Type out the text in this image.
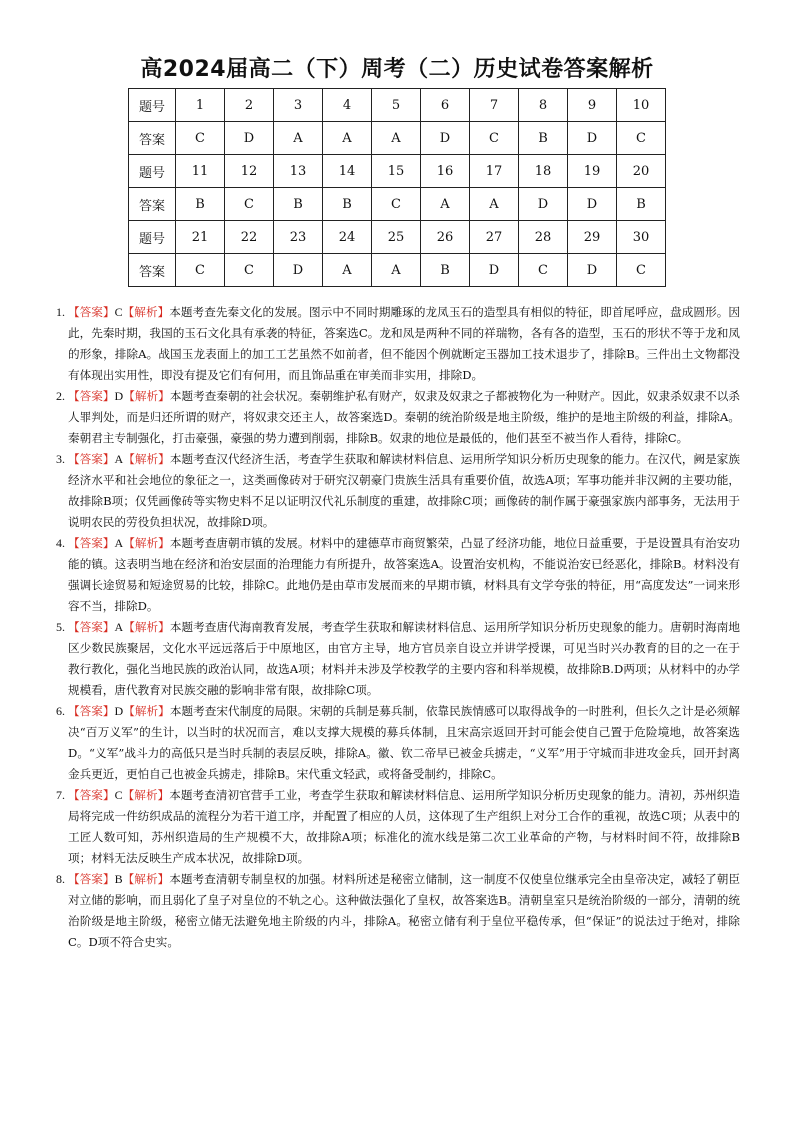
高2024届高二（下）周考（二）历史试卷答案解析
题号	1	2	3	4	5	6	7	8	9	10
答案	C	D	A	A	A	D	C	B	D	C
题号	11	12	13	14	15	16	17	18	19	20
答案	B	C	B	B	C	A	A	D	D	B
题号	21	22	23	24	25	26	27	28	29	30
答案	C	C	D	A	A	B	D	C	D	C

1. 【答案】C【解析】本题考查先秦文化的发展。图示中不同时期雕琢的龙凤玉石的造型具有相似的特征，即首尾呼应，盘成圆形。因此，先秦时期，我国的玉石文化具有承袭的特征，答案选C。龙和凤是两种不同的祥瑞物，各有各的造型，玉石的形状不等于龙和凤的形象，排除A。战国玉龙表面上的加工工艺虽然不如前者，但不能因个例就断定玉器加工技术退步了，排除B。三件出土文物都没有体现出实用性，即没有提及它们有何用，而且饰品重在审美而非实用，排除D。

2. 【答案】D【解析】本题考查秦朝的社会状况。秦朝维护私有财产，奴隶及奴隶之子都被物化为一种财产。因此，奴隶杀奴隶不以杀人罪判处，而是归还所谓的财产，将奴隶交还主人，故答案选D。秦朝的统治阶级是地主阶级，维护的是地主阶级的利益，排除A。秦朝君主专制强化，打击豪强，豪强的势力遭到削弱，排除B。奴隶的地位是最低的，他们甚至不被当作人看待，排除C。

3. 【答案】A【解析】本题考查汉代经济生活，考查学生获取和解读材料信息、运用所学知识分析历史现象的能力。在汉代，阙是家族经济水平和社会地位的象征之一，这类画像砖对于研究汉朝豪门贵族生活具有重要价值，故选A项；军事功能并非汉阙的主要功能，故排除B项；仅凭画像砖等实物史料不足以证明汉代礼乐制度的重建，故排除C项；画像砖的制作属于豪强家族内部事务，无法用于说明农民的劳役负担状况，故排除D项。

4. 【答案】A【解析】本题考查唐朝市镇的发展。材料中的建德草市商贸繁荣，凸显了经济功能，地位日益重要，于是设置具有治安功能的镇。这表明当地在经济和治安层面的治理能力有所提升，故答案选A。设置治安机构，不能说治安已经恶化，排除B。材料没有强调长途贸易和短途贸易的比较，排除C。此地仍是由草市发展而来的早期市镇，材料具有文学夸张的特征，用“高度发达”一词来形容不当，排除D。

5. 【答案】A【解析】本题考查唐代海南教育发展，考查学生获取和解读材料信息、运用所学知识分析历史现象的能力。唐朝时海南地区少数民族聚居，文化水平远远落后于中原地区，由官方主导，地方官员亲自设立并讲学授课，可见当时兴办教育的目的之一在于教行教化，强化当地民族的政治认同，故选A项；材料并未涉及学校教学的主要内容和科举规模，故排除B.D两项；从材料中的办学规模看，唐代教育对民族交融的影响非常有限，故排除C项。

6. 【答案】D【解析】本题考查宋代制度的局限。宋朝的兵制是募兵制，依靠民族情感可以取得战争的一时胜利，但长久之计是必须解决“百万义军”的生计，以当时的状况而言，难以支撑大规模的募兵体制，且宋高宗返回开封可能会使自己置于危险境地，故答案选D。“义军”战斗力的高低只是当时兵制的表层反映，排除A。徽、钦二帝早已被金兵掳走，“义军”用于守城而非进攻金兵，回开封离金兵更近，更怕自己也被金兵掳走，排除B。宋代重文轻武，或将备受制约，排除C。

7. 【答案】C【解析】本题考查清初官营手工业，考查学生获取和解读材料信息、运用所学知识分析历史现象的能力。清初，苏州织造局将完成一件纺织成品的流程分为若干道工序，并配置了相应的人员，这体现了生产组织上对分工合作的重视，故选C项；从表中的工匠人数可知，苏州织造局的生产规模不大，故排除A项；标准化的流水线是第二次工业革命的产物，与材料时间不符，故排除B项；材料无法反映生产成本状况，故排除D项。

8. 【答案】B【解析】本题考查清朝专制皇权的加强。材料所述是秘密立储制，这一制度不仅使皇位继承完全由皇帝决定，减轻了朝臣对立储的影响，而且弱化了皇子对皇位的不轨之心。这种做法强化了皇权，故答案选B。清朝皇室只是统治阶级的一部分，清朝的统治阶级是地主阶级，秘密立储无法避免地主阶级的内斗，排除A。秘密立储有利于皇位平稳传承，但“保证”的说法过于绝对，排除C。D项不符合史实。
